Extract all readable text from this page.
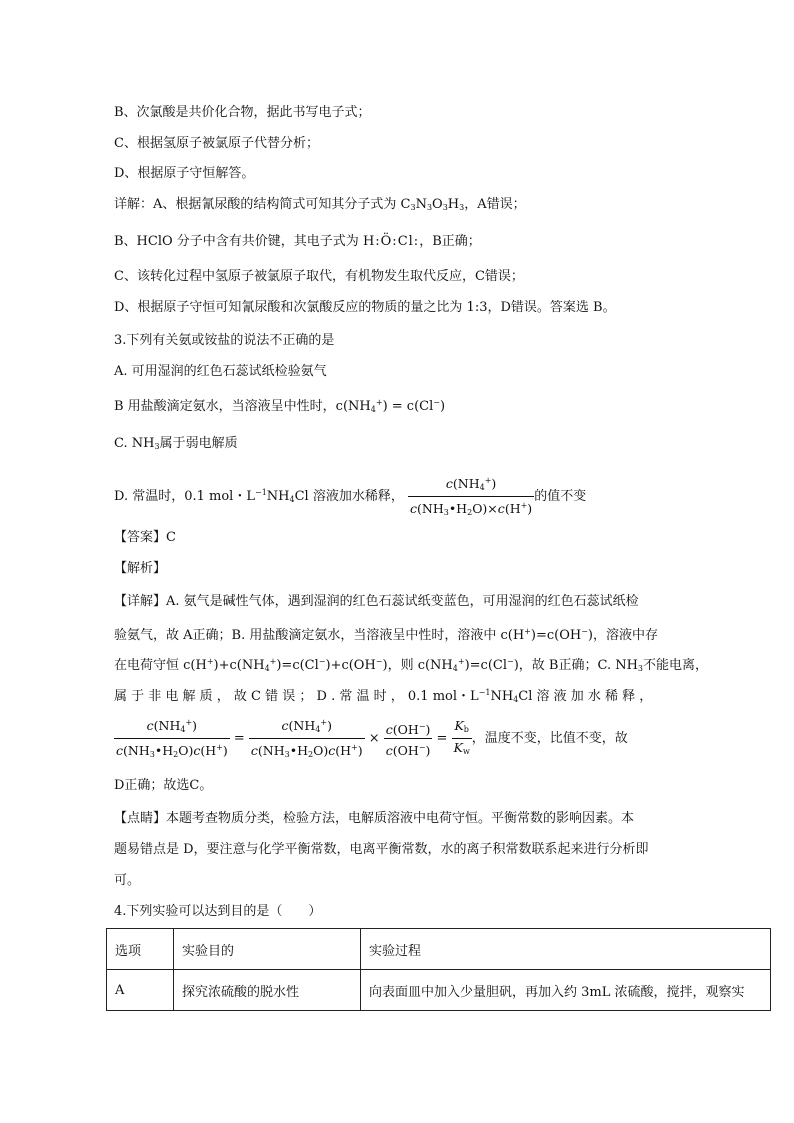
B、次氯酸是共价化合物，据此书写电子式；
C、根据氢原子被氯原子代替分析；
D、根据原子守恒解答。
详解：A、根据氰尿酸的结构简式可知其分子式为 $C_3N_3O_3H_3$，A错误；
B、HClO 分子中含有共价键，其电子式为 H:Ö:Cl:，B正确；
C、该转化过程中氢原子被氯原子取代，有机物发生取代反应，C错误；
D、根据原子守恒可知氰尿酸和次氯酸反应的物质的量之比为 1:3，D错误。答案选 B。
3.下列有关氨或铵盐的说法不正确的是
A. 可用湿润的红色石蕊试纸检验氨气
B 用盐酸滴定氨水，当溶液呈中性时，$c(NH_4^+) = c(Cl^-)$
C. $NH_3$属于弱电解质
D. 常温时，0.1 mol・$L^{-1}NH_4Cl$ 溶液加水稀释， $\frac{c(NH_4^+)}{c(NH_3•H_2O)\times c(H^+)}$ 的值不变
【答案】C
【解析】
【详解】A. 氨气是碱性气体，遇到湿润的红色石蕊试纸变蓝色，可用湿润的红色石蕊试纸检
验氨气，故 A正确；B. 用盐酸滴定氨水，当溶液呈中性时，溶液中 c(H+)=c(OH−)，溶液中存
在电荷守恒 $c(H^+)+c(NH_4^+)=c(Cl^-)+c(OH^-)$，则 $c(NH_4^+)=c(Cl^-)$，故 B正确；C. $NH_3$不能电离，
属 于 非 电 解 质 ， 故 C 错 误 ； D . 常 温 时 ， 0.1 mol・$L^{-1}NH_4Cl$ 溶 液 加 水 稀 释 ，
$\frac{c(NH_4^+)}{c(NH_3•H_2O)c(H^+)} = \frac{c(NH_4^+)}{c(NH_3•H_2O)c(H^+)} \times \frac{c(OH^-)}{c(OH^-)} = \frac{K_b}{K_w}$ ，温度不变，比值不变，故
D正确；故选C。
【点睛】本题考查物质分类，检验方法，电解质溶液中电荷守恒。平衡常数的影响因素。本
题易错点是 D，要注意与化学平衡常数，电离平衡常数，水的离子积常数联系起来进行分析即
可。
4.下列实验可以达到目的是（　　）
选项	实验目的	实验过程
A	探究浓硫酸的脱水性	向表面皿中加入少量胆矾，再加入约 3mL 浓硫酸，搅拌，观察实
